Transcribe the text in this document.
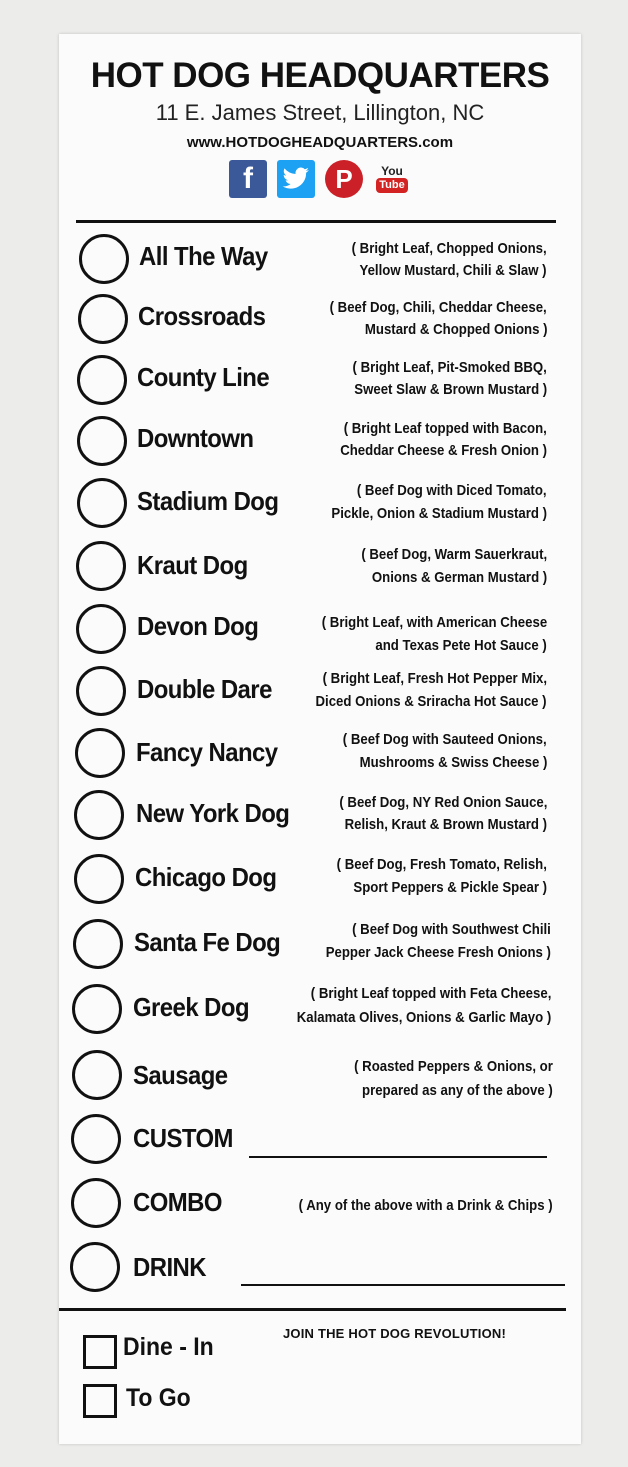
HOT DOG HEADQUARTERS
11 E. James Street, Lillington, NC
www.HOTDOGHEADQUARTERS.com
f	P You
Tube
All The Way	( Bright Leaf, Chopped Onions,
Yellow Mustard, Chili & Slaw )
Crossroads	( Beef Dog, Chili, Cheddar Cheese,
Mustard & Chopped Onions )
County Line	( Bright Leaf, Pit-Smoked BBQ,
Sweet Slaw & Brown Mustard )
Downtown	( Bright Leaf topped with Bacon,
Cheddar Cheese & Fresh Onion )
Stadium Dog	( Beef Dog with Diced Tomato,
Pickle, Onion & Stadium Mustard )
Kraut Dog	( Beef Dog, Warm Sauerkraut,
Onions & German Mustard )
Devon Dog	( Bright Leaf, with American Cheese
and Texas Pete Hot Sauce )
Double Dare	( Bright Leaf, Fresh Hot Pepper Mix,
Diced Onions & Sriracha Hot Sauce )
Fancy Nancy	( Beef Dog with Sauteed Onions,
Mushrooms & Swiss Cheese )
New York Dog	( Beef Dog, NY Red Onion Sauce,
Relish, Kraut & Brown Mustard )
Chicago Dog	( Beef Dog, Fresh Tomato, Relish,
Sport Peppers & Pickle Spear )
Santa Fe Dog	( Beef Dog with Southwest Chili
Pepper Jack Cheese Fresh Onions )
Greek Dog	( Bright Leaf topped with Feta Cheese,
Kalamata Olives, Onions & Garlic Mayo )
Sausage	( Roasted Peppers & Onions, or
prepared as any of the above )
CUSTOM
COMBO	( Any of the above with a Drink & Chips )
DRINK
JOIN THE HOT DOG REVOLUTION!
Dine - In
To Go
